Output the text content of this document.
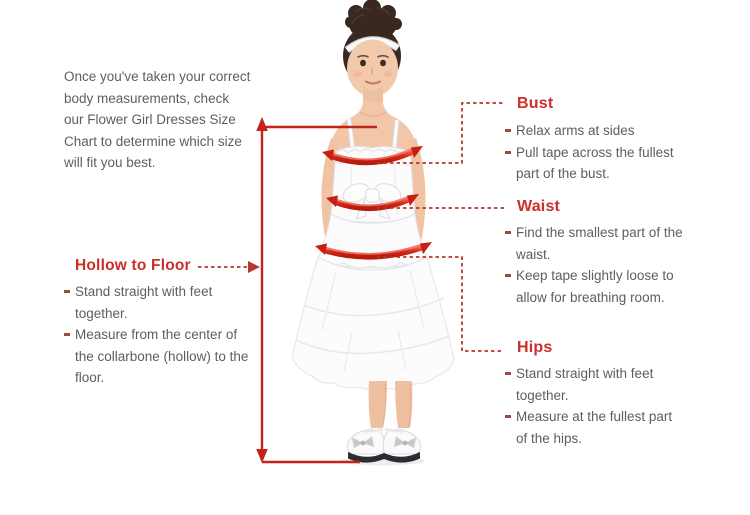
Once you've taken your correct body measurements, check our Flower Girl Dresses Size Chart to determine which size will fit you best.
Hollow to Floor
Stand straight with feet together.
Measure from the center of the collarbone (hollow) to the floor.
Bust
Relax arms at sides
Pull tape across the fullest part of the bust.
Waist
Find the smallest part of the waist.
Keep tape slightly loose to allow for breathing room.
Hips
Stand straight with feet together.
Measure at the fullest part of the hips.
